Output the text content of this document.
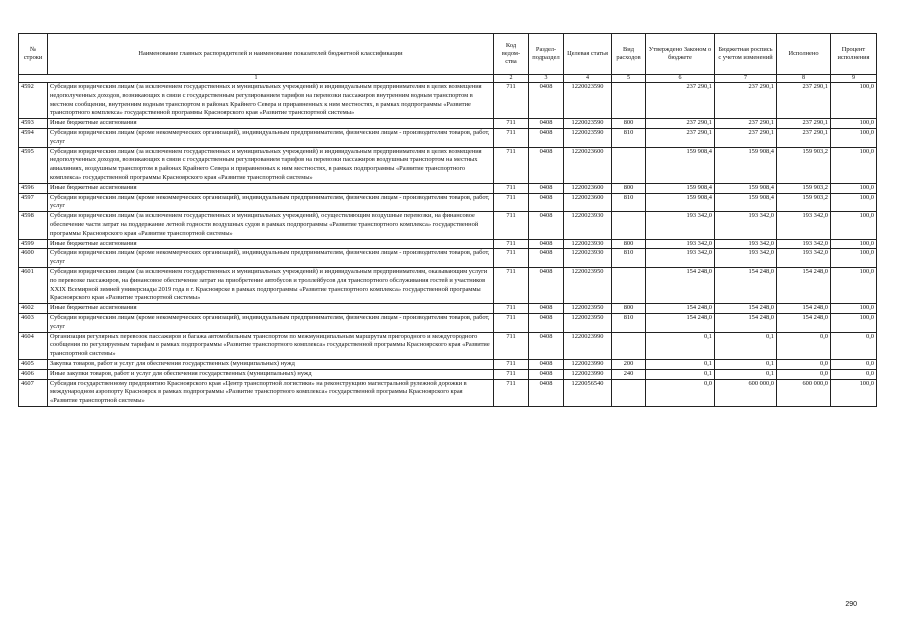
№ строки	Наименование главных распорядителей и наименование показателей бюджетной классификации	Код ведом- ства	Раздел- подраздел	Целевая статья	Вид расходов	Утверждено Законом о бюджете	Бюджетная роспись с учетом изменений	Исполнено	Процент исполнения
1		2	3	4	5	6	7	8	9
4592	Субсидии юридическим лицам (за исключением государственных и муниципальных учреждений) и индивидуальным предпринимателям в целях возмещения недополученных доходов, возникающих в связи с государственным регулированием тарифов на перевозки пассажиров внутренним водным транспортом в местном сообщении, внутренним водным транспортом в районах Крайнего Севера и приравненных к ним местностях, в рамках подпрограммы «Развитие транспортного комплекса» государственной программы Красноярского края «Развитие транспортной системы»	711	0408	1220023590		237 290,1	237 290,1	237 290,1	100,0
4593	Иные бюджетные ассигнования	711	0408	1220023590	800	237 290,1	237 290,1	237 290,1	100,0
4594	Субсидии юридическим лицам (кроме некоммерческих организаций), индивидуальным предпринимателям, физическим лицам - производителям товаров, работ, услуг	711	0408	1220023590	810	237 290,1	237 290,1	237 290,1	100,0
4595	Субсидии юридическим лицам (за исключением государственных и муниципальных учреждений) и индивидуальным предпринимателям в целях возмещения недополученных доходов, возникающих в связи с государственным регулированием тарифов на перевозки пассажиров воздушным транспортом на местных авиалиниях, воздушным транспортом в районах Крайнего Севера и приравненных к ним местностях, в рамках подпрограммы «Развитие транспортного комплекса» государственной программы Красноярского края «Развитие транспортной системы»	711	0408	1220023600		159 908,4	159 908,4	159 903,2	100,0
4596	Иные бюджетные ассигнования	711	0408	1220023600	800	159 908,4	159 908,4	159 903,2	100,0
4597	Субсидии юридическим лицам (кроме некоммерческих организаций), индивидуальным предпринимателям, физическим лицам - производителям товаров, работ, услуг	711	0408	1220023600	810	159 908,4	159 908,4	159 903,2	100,0
4598	Субсидии юридическим лицам (за исключением государственных и муниципальных учреждений), осуществляющим воздушные перевозки, на финансовое обеспечение части затрат на поддержание летной годности воздушных судов в рамках подпрограммы «Развитие транспортного комплекса» государственной программы Красноярского края «Развитие транспортной системы»	711	0408	1220023930		193 342,0	193 342,0	193 342,0	100,0
4599	Иные бюджетные ассигнования	711	0408	1220023930	800	193 342,0	193 342,0	193 342,0	100,0
4600	Субсидии юридическим лицам (кроме некоммерческих организаций), индивидуальным предпринимателям, физическим лицам - производителям товаров, работ, услуг	711	0408	1220023930	810	193 342,0	193 342,0	193 342,0	100,0
4601	Субсидии юридическим лицам (за исключением государственных и муниципальных учреждений) и индивидуальным предпринимателям, оказывающим услуги по перевозке пассажиров, на финансовое обеспечение затрат на приобретение автобусов и троллейбусов для транспортного обслуживания гостей и участников XXIX Всемирной зимней универсиады 2019 года в г. Красноярске в рамках подпрограммы «Развитие транспортного комплекса» государственной программы Красноярского края «Развитие транспортной системы»	711	0408	1220023950		154 248,0	154 248,0	154 248,0	100,0
4602	Иные бюджетные ассигнования	711	0408	1220023950	800	154 248,0	154 248,0	154 248,0	100,0
4603	Субсидии юридическим лицам (кроме некоммерческих организаций), индивидуальным предпринимателям, физическим лицам - производителям товаров, работ, услуг	711	0408	1220023950	810	154 248,0	154 248,0	154 248,0	100,0
4604	Организация регулярных перевозок пассажиров и багажа автомобильным транспортом по межмуниципальным маршрутам пригородного и междугородного сообщения по регулируемым тарифам в рамках подпрограммы «Развитие транспортного комплекса» государственной программы Красноярского края «Развитие транспортной системы»	711	0408	1220023990		0,1	0,1	0,0	0,0
4605	Закупка товаров, работ и услуг для обеспечения государственных (муниципальных) нужд	711	0408	1220023990	200	0,1	0,1	0,0	0,0
4606	Иные закупки товаров, работ и услуг для обеспечения государственных (муниципальных) нужд	711	0408	1220023990	240	0,1	0,1	0,0	0,0
4607	Субсидия государственному предприятию Красноярского края «Центр транспортной логистики» на реконструкцию магистральной рулежной дорожки в международном аэропорту Красноярск в рамках подпрограммы «Развитие транспортного комплекса» государственной программы Красноярского края «Развитие транспортной системы»	711	0408	1220056540		0,0	600 000,0	600 000,0	100,0
290
